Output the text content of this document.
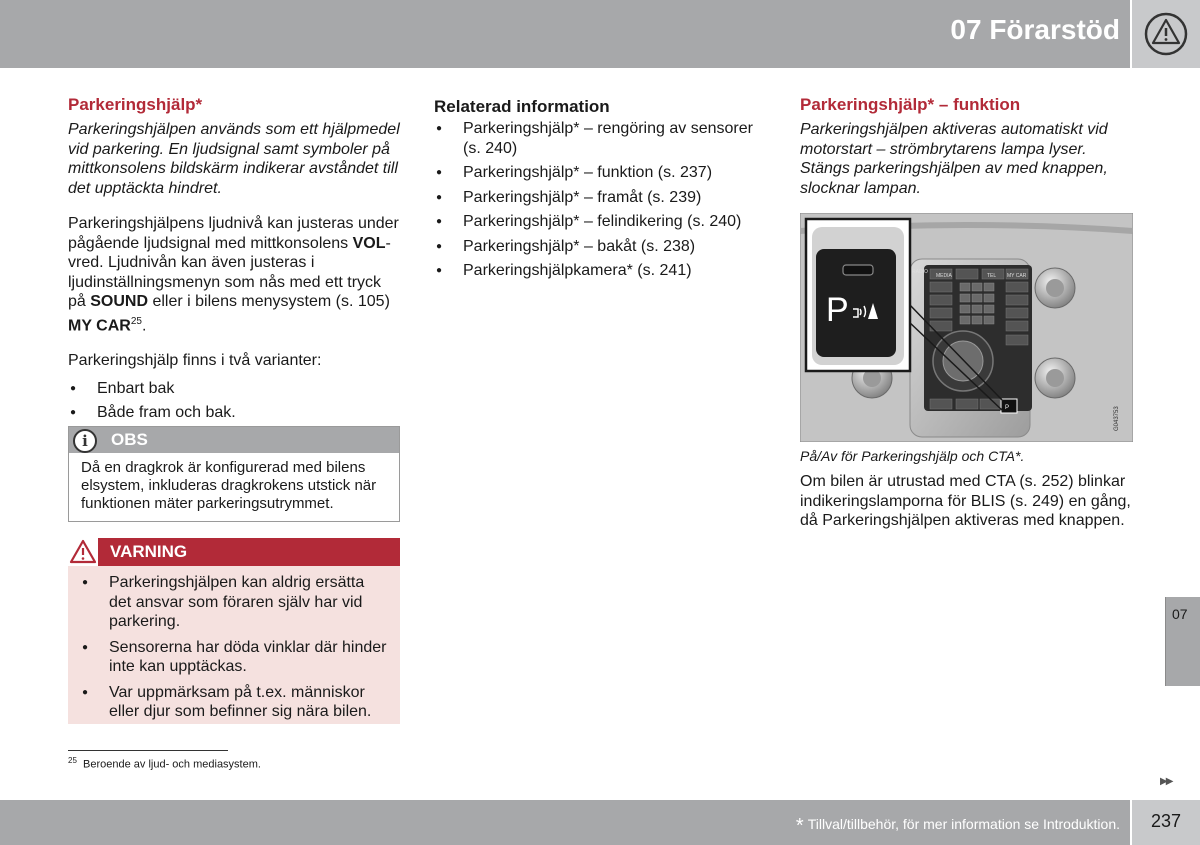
07 Förarstöd
Parkeringshjälp*

Parkeringshjälpen används som ett hjälpmedel vid parkering. En ljudsignal samt symboler på mittkonsolens bildskärm indikerar avståndet till det upptäckta hindret.

Parkeringshjälpens ljudnivå kan justeras under pågående ljudsignal med mittkonsolens VOL-vred. Ljudnivån kan även justeras i ljudinställningsmenyn som nås med ett tryck på SOUND eller i bilens menysystem (s. 105) MY CAR$^{25}$.

Parkeringshjälp finns i två varianter:

● Enbart bak
● Både fram och bak.
i	OBS

Då en dragkrok är konfigurerad med bilens elsystem, inkluderas dragkrokens utstick när funktionen mäter parkeringsutrymmet.

VARNING
● Parkeringshjälpen kan aldrig ersätta det ansvar som föraren själv har vid parkering.
● Sensorerna har döda vinklar där hinder inte kan upptäckas.
● Var uppmärksam på t.ex. människor eller djur som befinner sig nära bilen.
$^{25}$ Beroende av ljud- och mediasystem.
Relaterad information
● Parkeringshjälp* – rengöring av sensorer (s. 240)
● Parkeringshjälp* – funktion (s. 237)
● Parkeringshjälp* – framåt (s. 239)
● Parkeringshjälp* – felindikering (s. 240)
● Parkeringshjälp* – bakåt (s. 238)
● Parkeringshjälpkamera* (s. 241)
Parkeringshjälp* – funktion

Parkeringshjälpen aktiveras automatiskt vid motorstart – strömbrytarens lampa lyser. Stängs parkeringshjälpen av med knappen, slocknar lampan.

MEDIA	TEL MY CAR
RADIO
P
P
G043753
På/Av för Parkeringshjälp och CTA*.

Om bilen är utrustad med CTA (s. 252) blinkar indikeringslamporna för BLIS (s. 249) en gång, då Parkeringshjälpen aktiveras med knappen.

07
▶▶
* Tillval/tillbehör, för mer information se Introduktion.	237
